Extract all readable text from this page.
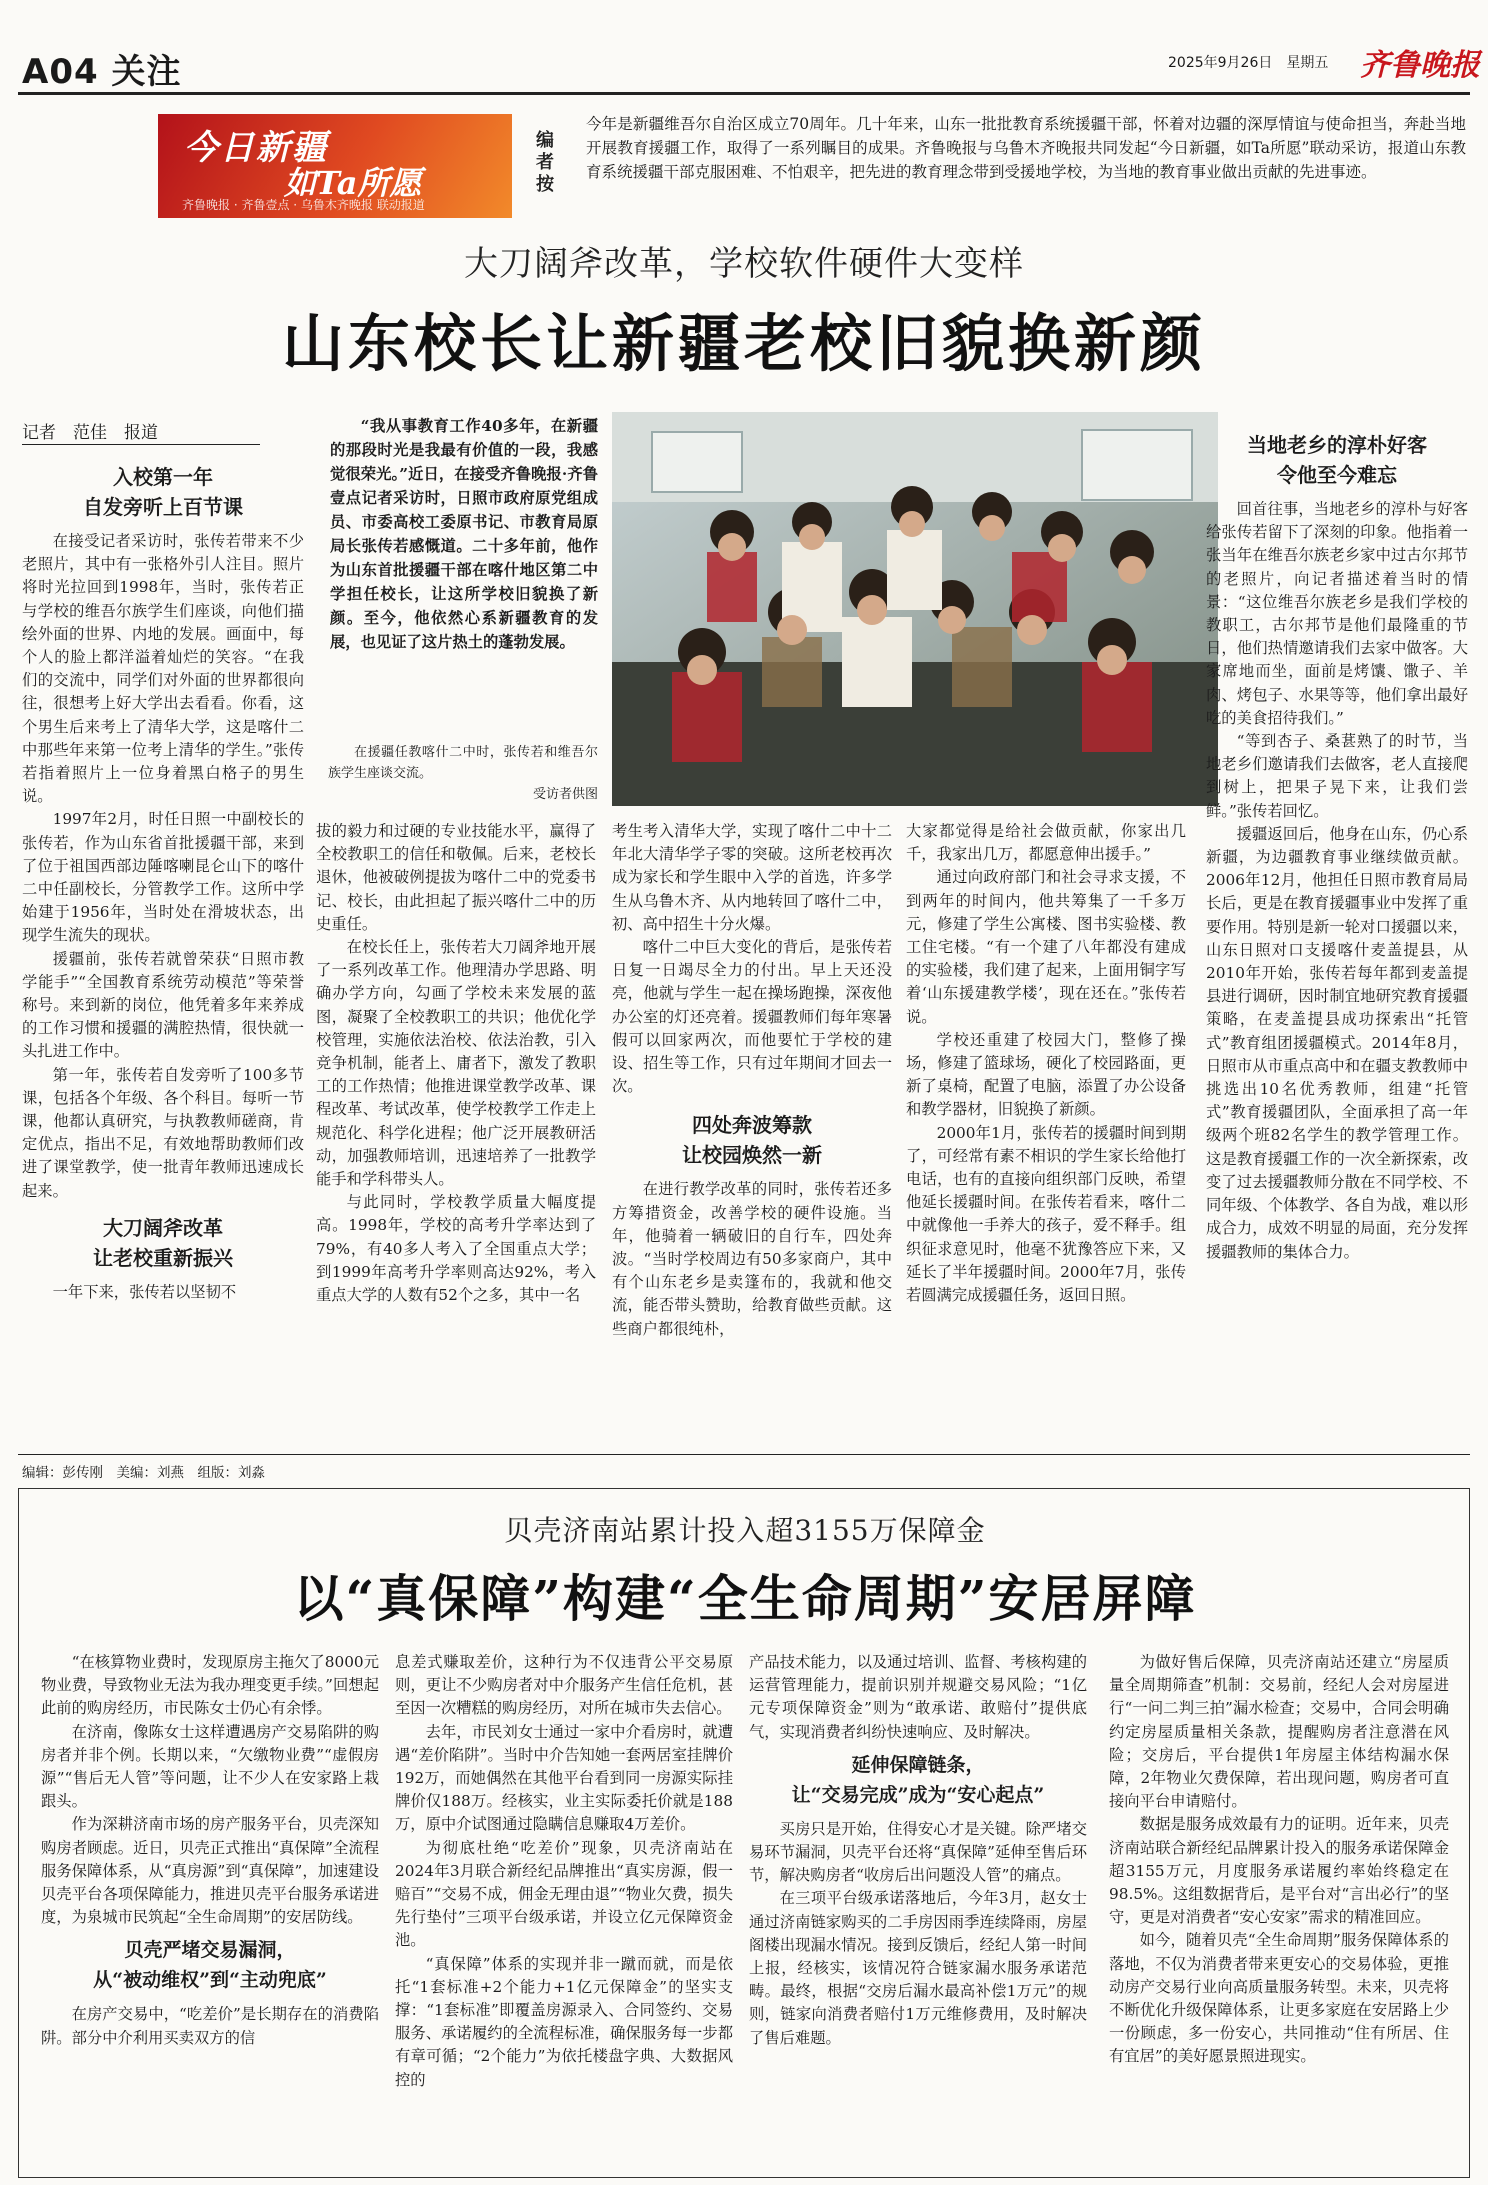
A04 关注	2025年9月26日　星期五 齐鲁晚报
今日新疆
如Ta所愿
齐鲁晚报 · 齐鲁壹点 · 乌鲁木齐晚报 联动报道
编者按
今年是新疆维吾尔自治区成立70周年。几十年来，山东一批批教育系统援疆干部，怀着对边疆的深厚情谊与使命担当，奔赴当地开展教育援疆工作，取得了一系列瞩目的成果。齐鲁晚报与乌鲁木齐晚报共同发起“今日新疆，如Ta所愿”联动采访，报道山东教育系统援疆干部克服困难、不怕艰辛，把先进的教育理念带到受援地学校，为当地的教育事业做出贡献的先进事迹。
大刀阔斧改革，学校软件硬件大变样
山东校长让新疆老校旧貌换新颜
记者　范佳　报道
入校第一年
自发旁听上百节课

在接受记者采访时，张传若带来不少老照片，其中有一张格外引人注目。照片将时光拉回到1998年，当时，张传若正与学校的维吾尔族学生们座谈，向他们描绘外面的世界、内地的发展。画面中，每个人的脸上都洋溢着灿烂的笑容。“在我们的交流中，同学们对外面的世界都很向往，很想考上好大学出去看看。你看，这个男生后来考上了清华大学，这是喀什二中那些年来第一位考上清华的学生。”张传若指着照片上一位身着黑白格子的男生说。

1997年2月，时任日照一中副校长的张传若，作为山东省首批援疆干部，来到了位于祖国西部边陲喀喇昆仑山下的喀什二中任副校长，分管教学工作。这所中学始建于1956年，当时处在滑坡状态，出现学生流失的现状。

援疆前，张传若就曾荣获“日照市教学能手”“全国教育系统劳动模范”等荣誉称号。来到新的岗位，他凭着多年来养成的工作习惯和援疆的满腔热情，很快就一头扎进工作中。

第一年，张传若自发旁听了100多节课，包括各个年级、各个科目。每听一节课，他都认真研究，与执教教师磋商，肯定优点，指出不足，有效地帮助教师们改进了课堂教学，使一批青年教师迅速成长起来。

大刀阔斧改革
让老校重新振兴

一年下来，张传若以坚韧不

“我从事教育工作40多年，在新疆的那段时光是我最有价值的一段，我感觉很荣光。”近日，在接受齐鲁晚报·齐鲁壹点记者采访时，日照市政府原党组成员、市委高校工委原书记、市教育局原局长张传若感慨道。二十多年前，他作为山东首批援疆干部在喀什地区第二中学担任校长，让这所学校旧貌换了新颜。至今，他依然心系新疆教育的发展，也见证了这片热土的蓬勃发展。

在援疆任教喀什二中时，张传若和维吾尔族学生座谈交流。
受访者供图

拔的毅力和过硬的专业技能水平，赢得了全校教职工的信任和敬佩。后来，老校长退休，他被破例提拔为喀什二中的党委书记、校长，由此担起了振兴喀什二中的历史重任。

在校长任上，张传若大刀阔斧地开展了一系列改革工作。他理清办学思路、明确办学方向，勾画了学校未来发展的蓝图，凝聚了全校教职工的共识；他优化学校管理，实施依法治校、依法治教，引入竞争机制，能者上、庸者下，激发了教职工的工作热情；他推进课堂教学改革、课程改革、考试改革，使学校教学工作走上规范化、科学化进程；他广泛开展教研活动，加强教师培训，迅速培养了一批教学能手和学科带头人。

与此同时，学校教学质量大幅度提高。1998年，学校的高考升学率达到了79%，有40多人考入了全国重点大学；到1999年高考升学率则高达92%，考入重点大学的人数有52个之多，其中一名

考生考入清华大学，实现了喀什二中十二年北大清华学子零的突破。这所老校再次成为家长和学生眼中入学的首选，许多学生从乌鲁木齐、从内地转回了喀什二中，初、高中招生十分火爆。

喀什二中巨大变化的背后，是张传若日复一日竭尽全力的付出。早上天还没亮，他就与学生一起在操场跑操，深夜他办公室的灯还亮着。援疆教师们每年寒暑假可以回家两次，而他要忙于学校的建设、招生等工作，只有过年期间才回去一次。

四处奔波筹款
让校园焕然一新

在进行教学改革的同时，张传若还多方筹措资金，改善学校的硬件设施。当年，他骑着一辆破旧的自行车，四处奔波。“当时学校周边有50多家商户，其中有个山东老乡是卖篷布的，我就和他交流，能否带头赞助，给教育做些贡献。这些商户都很纯朴，

大家都觉得是给社会做贡献，你家出几千，我家出几万，都愿意伸出援手。”

通过向政府部门和社会寻求支援，不到两年的时间内，他共筹集了一千多万元，修建了学生公寓楼、图书实验楼、教工住宅楼。“有一个建了八年都没有建成的实验楼，我们建了起来，上面用铜字写着‘山东援建教学楼’，现在还在。”张传若说。

学校还重建了校园大门，整修了操场，修建了篮球场，硬化了校园路面，更新了桌椅，配置了电脑，添置了办公设备和教学器材，旧貌换了新颜。

2000年1月，张传若的援疆时间到期了，可经常有素不相识的学生家长给他打电话，也有的直接向组织部门反映，希望他延长援疆时间。在张传若看来，喀什二中就像他一手养大的孩子，爱不释手。组织征求意见时，他毫不犹豫答应下来，又延长了半年援疆时间。2000年7月，张传若圆满完成援疆任务，返回日照。

当地老乡的淳朴好客
令他至今难忘

回首往事，当地老乡的淳朴与好客给张传若留下了深刻的印象。他指着一张当年在维吾尔族老乡家中过古尔邦节的老照片，向记者描述着当时的情景：“这位维吾尔族老乡是我们学校的教职工，古尔邦节是他们最隆重的节日，他们热情邀请我们去家中做客。大家席地而坐，面前是烤馕、馓子、羊肉、烤包子、水果等等，他们拿出最好吃的美食招待我们。”

“等到杏子、桑葚熟了的时节，当地老乡们邀请我们去做客，老人直接爬到树上，把果子晃下来，让我们尝鲜。”张传若回忆。

援疆返回后，他身在山东，仍心系新疆，为边疆教育事业继续做贡献。2006年12月，他担任日照市教育局局长后，更是在教育援疆事业中发挥了重要作用。特别是新一轮对口援疆以来，山东日照对口支援喀什麦盖提县，从2010年开始，张传若每年都到麦盖提县进行调研，因时制宜地研究教育援疆策略，在麦盖提县成功探索出“托管式”教育组团援疆模式。2014年8月，日照市从市重点高中和在疆支教教师中挑选出10名优秀教师，组建“托管式”教育援疆团队，全面承担了高一年级两个班82名学生的教学管理工作。这是教育援疆工作的一次全新探索，改变了过去援疆教师分散在不同学校、不同年级、个体教学、各自为战，难以形成合力，成效不明显的局面，充分发挥援疆教师的集体合力。

编辑：彭传刚　美编：刘燕　组版：刘淼
贝壳济南站累计投入超3155万保障金
以“真保障”构建“全生命周期”安居屏障

“在核算物业费时，发现原房主拖欠了8000元物业费，导致物业无法为我办理变更手续。”回想起此前的购房经历，市民陈女士仍心有余悸。

在济南，像陈女士这样遭遇房产交易陷阱的购房者并非个例。长期以来，“欠缴物业费”“虚假房源”“售后无人管”等问题，让不少人在安家路上栽跟头。

作为深耕济南市场的房产服务平台，贝壳深知购房者顾虑。近日，贝壳正式推出“真保障”全流程服务保障体系，从“真房源”到“真保障”，加速建设贝壳平台各项保障能力，推进贝壳平台服务承诺进度，为泉城市民筑起“全生命周期”的安居防线。

贝壳严堵交易漏洞，
从“被动维权”到“主动兜底”

在房产交易中，“吃差价”是长期存在的消费陷阱。部分中介利用买卖双方的信

息差式赚取差价，这种行为不仅违背公平交易原则，更让不少购房者对中介服务产生信任危机，甚至因一次糟糕的购房经历，对所在城市失去信心。

去年，市民刘女士通过一家中介看房时，就遭遇“差价陷阱”。当时中介告知她一套两居室挂牌价192万，而她偶然在其他平台看到同一房源实际挂牌价仅188万。经核实，业主实际委托价就是188万，原中介试图通过隐瞒信息赚取4万差价。

为彻底杜绝“吃差价”现象，贝壳济南站在2024年3月联合新经纪品牌推出“真实房源，假一赔百”“交易不成，佣金无理由退”“物业欠费，损失先行垫付”三项平台级承诺，并设立亿元保障资金池。

“真保障”体系的实现并非一蹴而就，而是依托“1套标准+2个能力+1亿元保障金”的坚实支撑：“1套标准”即覆盖房源录入、合同签约、交易服务、承诺履约的全流程标准，确保服务每一步都有章可循；“2个能力”为依托楼盘字典、大数据风控的

产品技术能力，以及通过培训、监督、考核构建的运营管理能力，提前识别并规避交易风险；“1亿元专项保障资金”则为“敢承诺、敢赔付”提供底气，实现消费者纠纷快速响应、及时解决。

延伸保障链条，
让“交易完成”成为“安心起点”

买房只是开始，住得安心才是关键。除严堵交易环节漏洞，贝壳平台还将“真保障”延伸至售后环节，解决购房者“收房后出问题没人管”的痛点。

在三项平台级承诺落地后，今年3月，赵女士通过济南链家购买的二手房因雨季连续降雨，房屋阁楼出现漏水情况。接到反馈后，经纪人第一时间上报，经核实，该情况符合链家漏水服务承诺范畴。最终，根据“交房后漏水最高补偿1万元”的规则，链家向消费者赔付1万元维修费用，及时解决了售后难题。

为做好售后保障，贝壳济南站还建立“房屋质量全周期筛查”机制：交易前，经纪人会对房屋进行“一问二判三拍”漏水检查；交易中，合同会明确约定房屋质量相关条款，提醒购房者注意潜在风险；交房后，平台提供1年房屋主体结构漏水保障，2年物业欠费保障，若出现问题，购房者可直接向平台申请赔付。

数据是服务成效最有力的证明。近年来，贝壳济南站联合新经纪品牌累计投入的服务承诺保障金超3155万元，月度服务承诺履约率始终稳定在98.5%。这组数据背后，是平台对“言出必行”的坚守，更是对消费者“安心安家”需求的精准回应。

如今，随着贝壳“全生命周期”服务保障体系的落地，不仅为消费者带来更安心的交易体验，更推动房产交易行业向高质量服务转型。未来，贝壳将不断优化升级保障体系，让更多家庭在安居路上少一份顾虑，多一份安心，共同推动“住有所居、住有宜居”的美好愿景照进现实。
